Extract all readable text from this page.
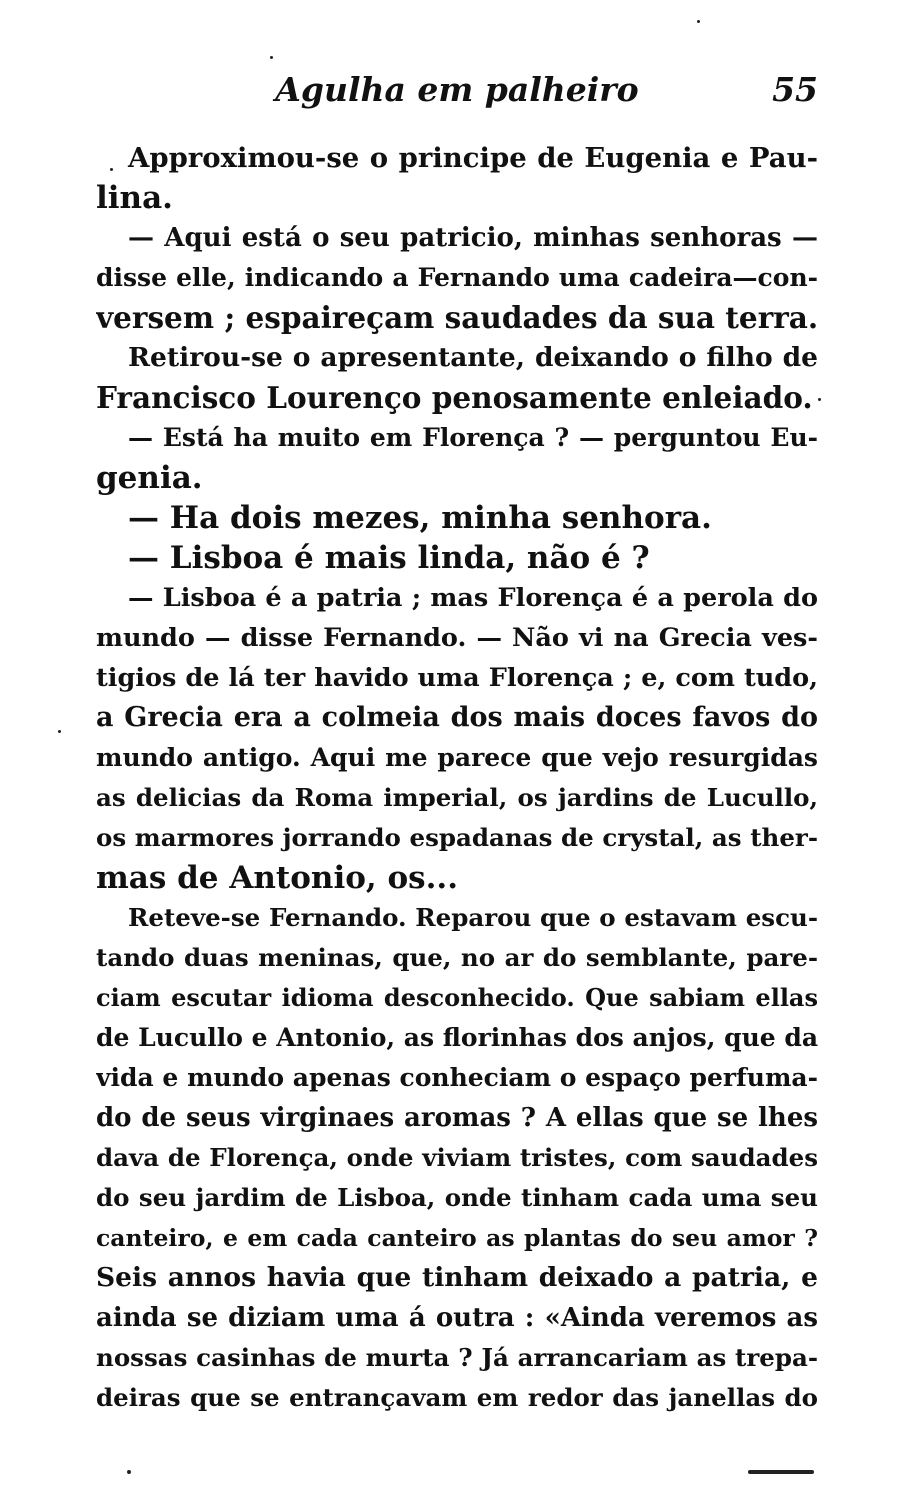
Agulha em palheiro	55
Approximou-se o principe de Eugenia e Pau-
lina.
— Aqui está o seu patricio, minhas senhoras —
disse elle, indicando a Fernando uma cadeira—con-
versem ; espaireçam saudades da sua terra.
Retirou-se o apresentante, deixando o filho de
Francisco Lourenço penosamente enleiado.
— Está ha muito em Florença ? — perguntou Eu-
genia.
— Ha dois mezes, minha senhora.
— Lisboa é mais linda, não é ?
— Lisboa é a patria ; mas Florença é a perola do
mundo — disse Fernando. — Não vi na Grecia ves-
tigios de lá ter havido uma Florença ; e, com tudo,
a Grecia era a colmeia dos mais doces favos do
mundo antigo. Aqui me parece que vejo resurgidas
as delicias da Roma imperial, os jardins de Lucullo,
os marmores jorrando espadanas de crystal, as ther-
mas de Antonio, os...
Reteve-se Fernando. Reparou que o estavam escu-
tando duas meninas, que, no ar do semblante, pare-
ciam escutar idioma desconhecido. Que sabiam ellas
de Lucullo e Antonio, as florinhas dos anjos, que da
vida e mundo apenas conheciam o espaço perfuma-
do de seus virginaes aromas ? A ellas que se lhes
dava de Florença, onde viviam tristes, com saudades
do seu jardim de Lisboa, onde tinham cada uma seu
canteiro, e em cada canteiro as plantas do seu amor ?
Seis annos havia que tinham deixado a patria, e
ainda se diziam uma á outra : «Ainda veremos as
nossas casinhas de murta ? Já arrancariam as trepa-
deiras que se entrançavam em redor das janellas do
